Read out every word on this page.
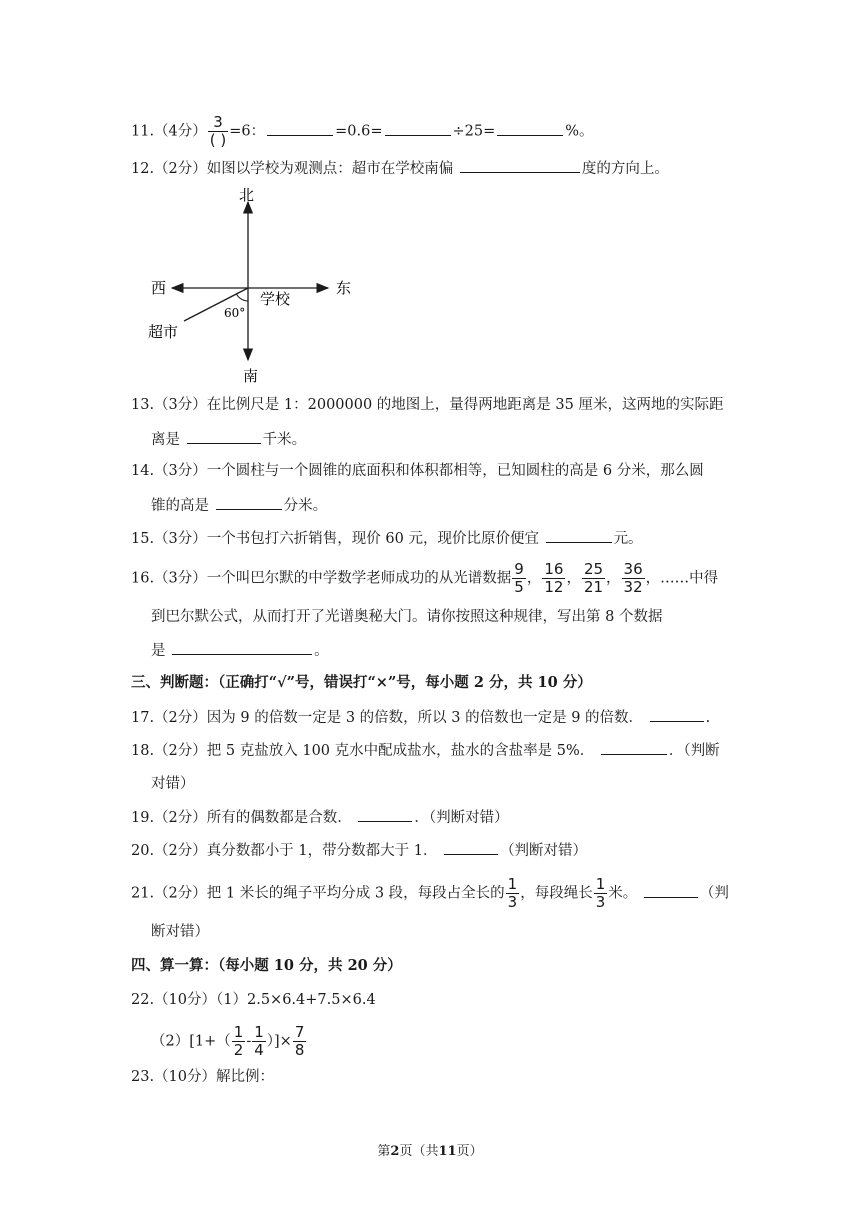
11.（4分） $\frac{3}{( )} =6$：	=0.6=	÷25=	%。
12.（2分）如图以学校为观测点：超市在学校南偏	度的方向上。
北
南
东
西
学校
超市
60°
13.（3分）在比例尺是 1：2000000 的地图上，量得两地距离是 35 厘米，这两地的实际距
离是	千米。
14.（3分）一个圆柱与一个圆锥的底面积和体积都相等，已知圆柱的高是 6 分米，那么圆
锥的高是	分米。
15.（3分）一个书包打六折销售，现价 60 元，现价比原价便宜	元。
16.（3分）一个叫巴尔默的中学数学老师成功的从光谱数据 $\frac{9}{5}$ ， $\frac{16}{12}$ ， $\frac{25}{21}$ ， $\frac{36}{32}$ ，……中得
到巴尔默公式，从而打开了光谱奥秘大门。请你按照这种规律，写出第 8 个数据
是	。
三、判断题：（正确打“√”号，错误打“×”号，每小题 2 分，共 10 分）
17.（2分）因为 9 的倍数一定是 3 的倍数，所以 3 的倍数也一定是 9 的倍数．	.
18.（2分）把 5 克盐放入 100 克水中配成盐水，盐水的含盐率是 5%．	．（判断
对错）
19.（2分）所有的偶数都是合数．	．（判断对错）
20.（2分）真分数都小于 1，带分数都大于 1．	（判断对错）
21.（2分）把 1 米长的绳子平均分成 3 段，每段占全长的 $\frac{1}{3}$ ，每段绳长 $\frac{1}{3}$ 米。	（判
断对错）
四、算一算：（每小题 10 分，共 20 分）
22.（10分）（1）2.5×6.4+7.5×6.4
$(2)[1+( \frac{1}{2} - \frac{1}{4}$ ）]× $\frac{7}{8}$
23.（10分）解比例：
第2页（共11页）
